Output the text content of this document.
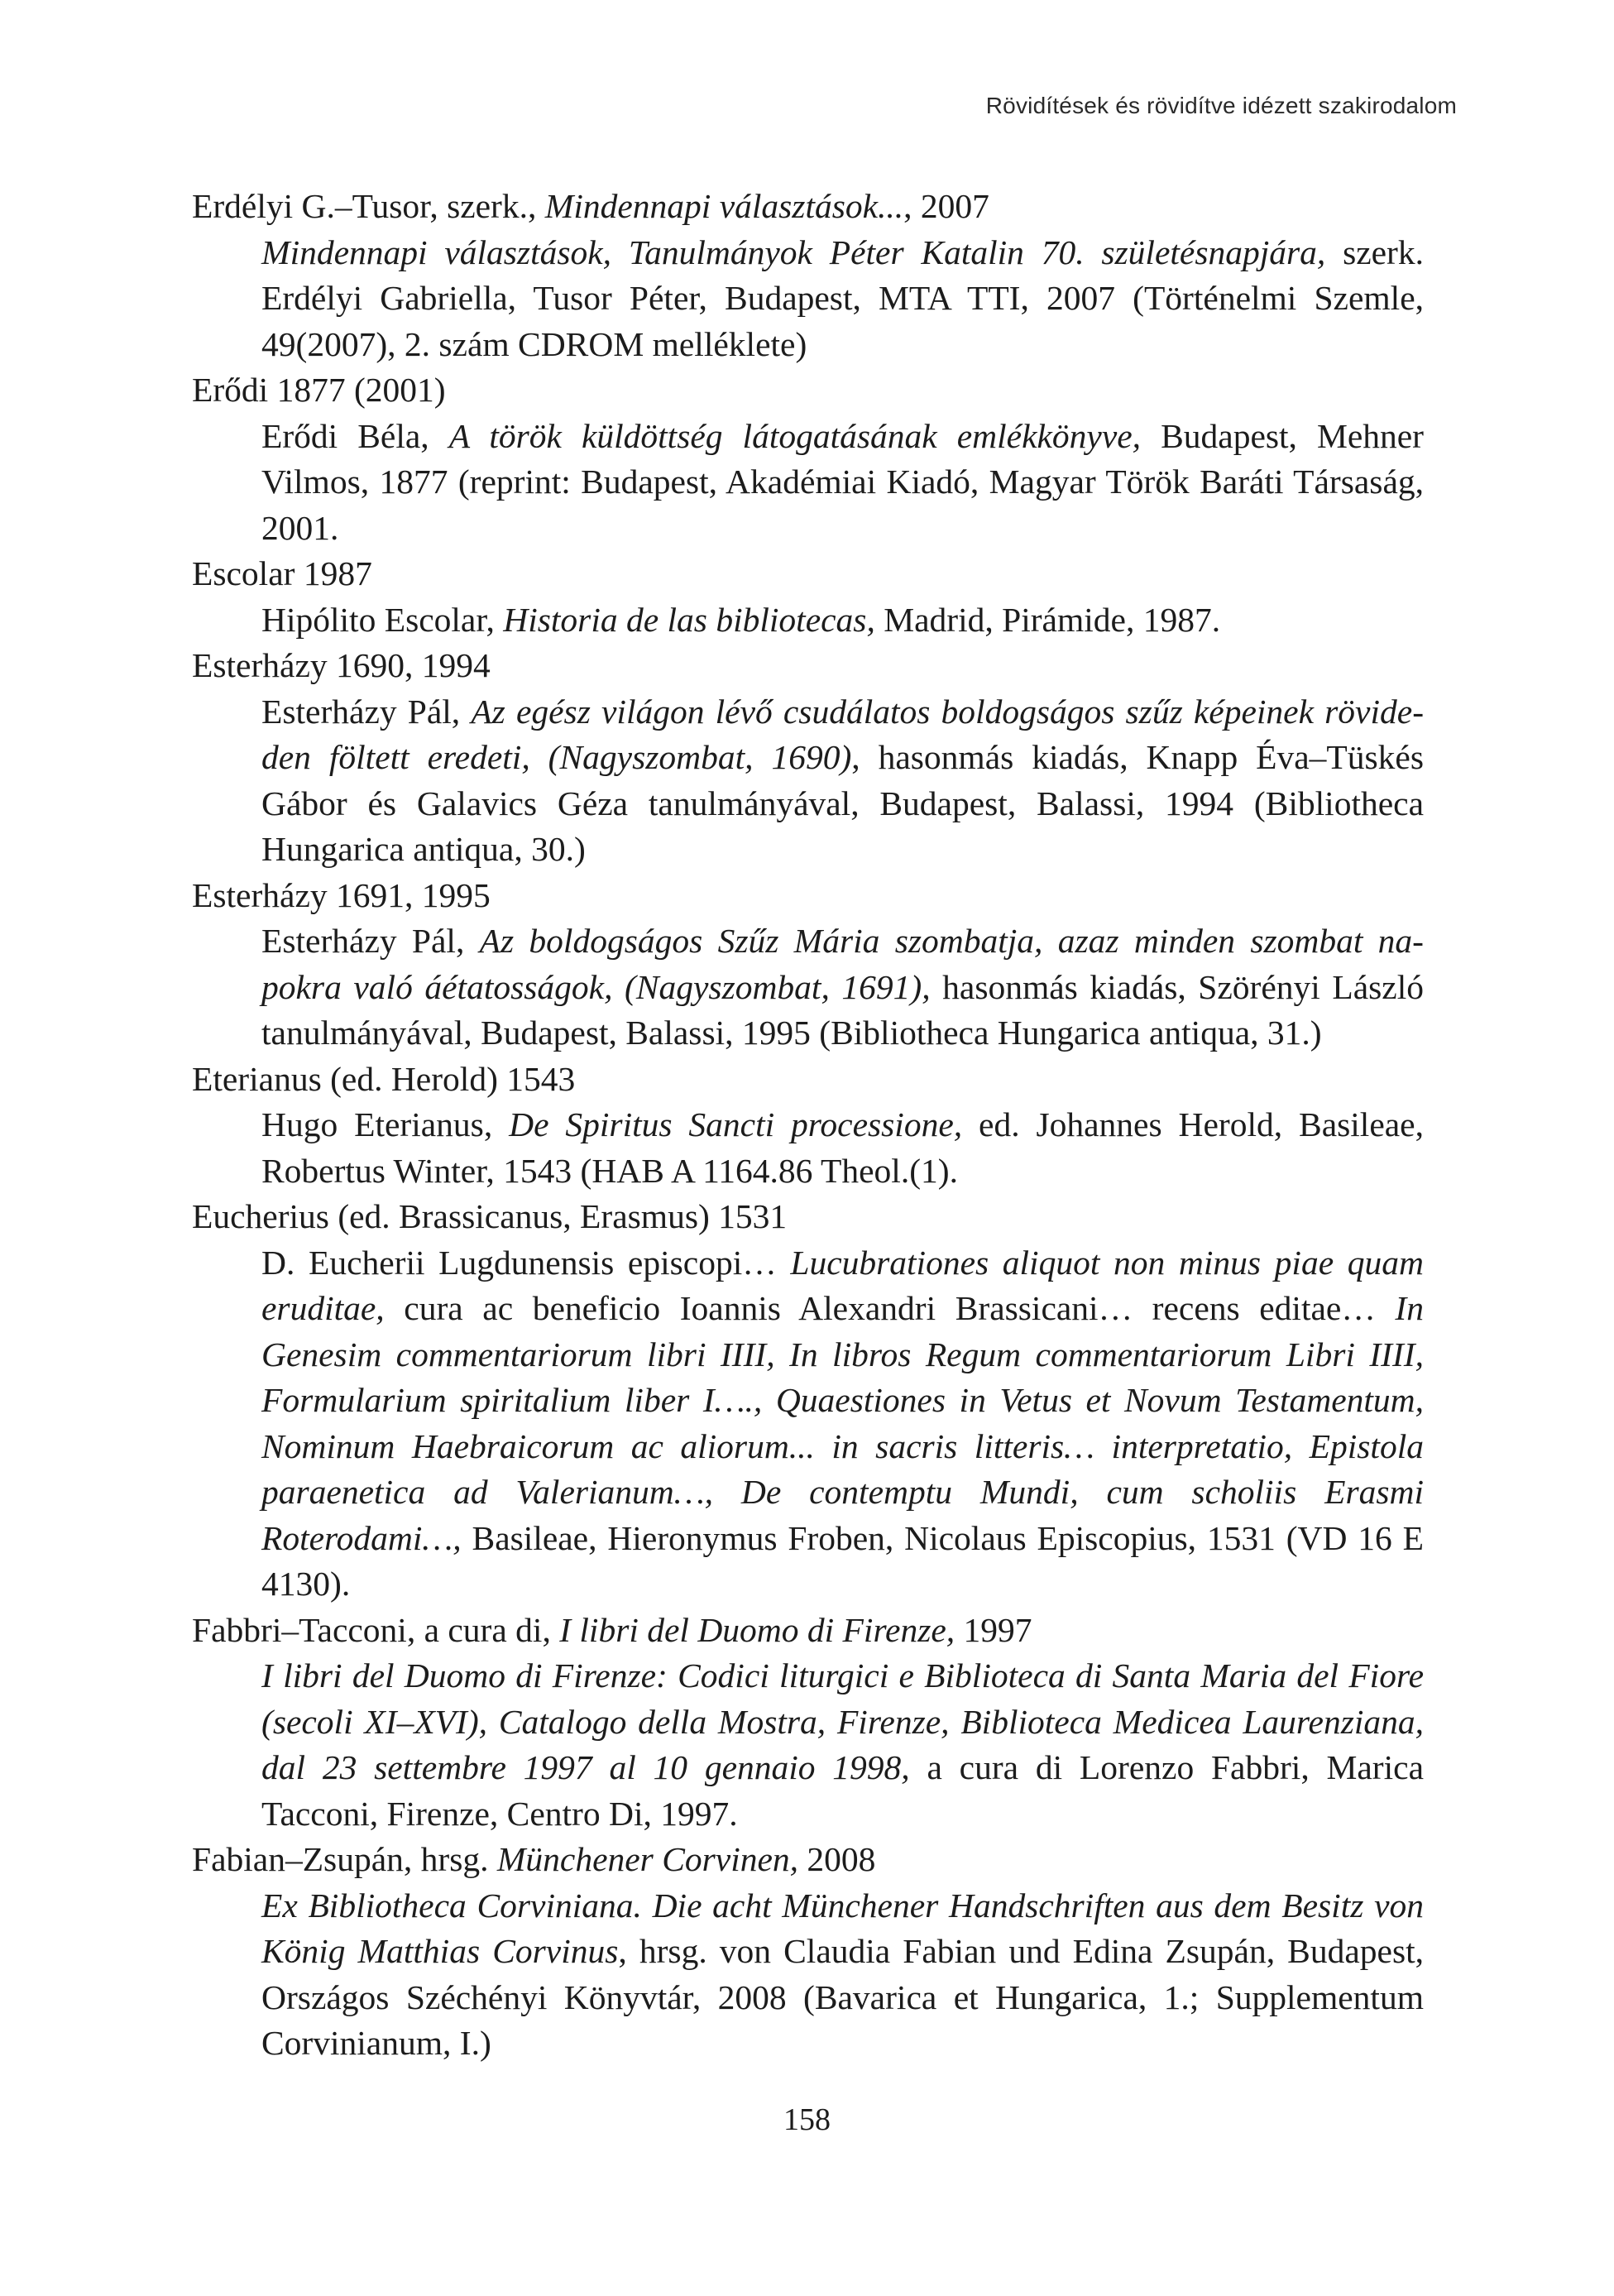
Rövidítések és rövidítve idézett szakirodalom

Erdélyi G.–Tusor, szerk., Mindennapi választások..., 2007

Mindennapi választások, Tanulmányok Péter Katalin 70. születésnapjára, szerk. Erdélyi Gabriella, Tusor Péter, Budapest, MTA TTI, 2007 (Történelmi Szemle, 49(2007), 2. szám CDROM melléklete)

Erődi 1877 (2001)

Erődi Béla, A török küldöttség látogatásának emlékkönyve, Budapest, Mehner Vilmos, 1877 (reprint: Budapest, Akadémiai Kiadó, Magyar Török Baráti Társaság, 2001.

Escolar 1987

Hipólito Escolar, Historia de las bibliotecas, Madrid, Pirámide, 1987.

Esterházy 1690, 1994

Esterházy Pál, Az egész világon lévő csudálatos boldogságos szűz képeinek rövideden föltett eredeti, (Nagyszombat, 1690), hasonmás kiadás, Knapp Éva–Tüskés Gábor és Galavics Géza tanulmányával, Budapest, Balassi, 1994 (Bibliotheca Hungarica antiqua, 30.)

Esterházy 1691, 1995

Esterházy Pál, Az boldogságos Szűz Mária szombatja, azaz minden szombat napokra való áétatosságok, (Nagyszombat, 1691), hasonmás kiadás, Szörényi László tanulmányával, Budapest, Balassi, 1995 (Bibliotheca Hungarica antiqua, 31.)

Eterianus (ed. Herold) 1543

Hugo Eterianus, De Spiritus Sancti processione, ed. Johannes Herold, Basileae, Robertus Winter, 1543 (HAB A 1164.86 Theol.(1).

Eucherius (ed. Brassicanus, Erasmus) 1531

D. Eucherii Lugdunensis episcopi… Lucubrationes aliquot non minus piae quam eruditae, cura ac beneficio Ioannis Alexandri Brassicani… recens editae… In Genesim commentariorum libri IIII, In libros Regum commentariorum Libri IIII, Formularium spiritalium liber I…., Quaestiones in Vetus et Novum Testamentum, Nominum Haebraicorum ac aliorum... in sacris litteris… interpretatio, Epistola paraenetica ad Valerianum…, De contemptu Mundi, cum scholiis Erasmi Roterodami…, Basileae, Hieronymus Froben, Nicolaus Episcopius, 1531 (VD 16 E 4130).

Fabbri–Tacconi, a cura di, I libri del Duomo di Firenze, 1997

I libri del Duomo di Firenze: Codici liturgici e Biblioteca di Santa Maria del Fiore (secoli XI–XVI), Catalogo della Mostra, Firenze, Biblioteca Medicea Laurenziana, dal 23 settembre 1997 al 10 gennaio 1998, a cura di Lorenzo Fabbri, Marica Tacconi, Firenze, Centro Di, 1997.

Fabian–Zsupán, hrsg. Münchener Corvinen, 2008

Ex Bibliotheca Corviniana. Die acht Münchener Handschriften aus dem Besitz von König Matthias Corvinus, hrsg. von Claudia Fabian und Edina Zsupán, Budapest, Országos Széchényi Könyvtár, 2008 (Bavarica et Hungarica, 1.; Supplementum Corvinianum, I.)

158
